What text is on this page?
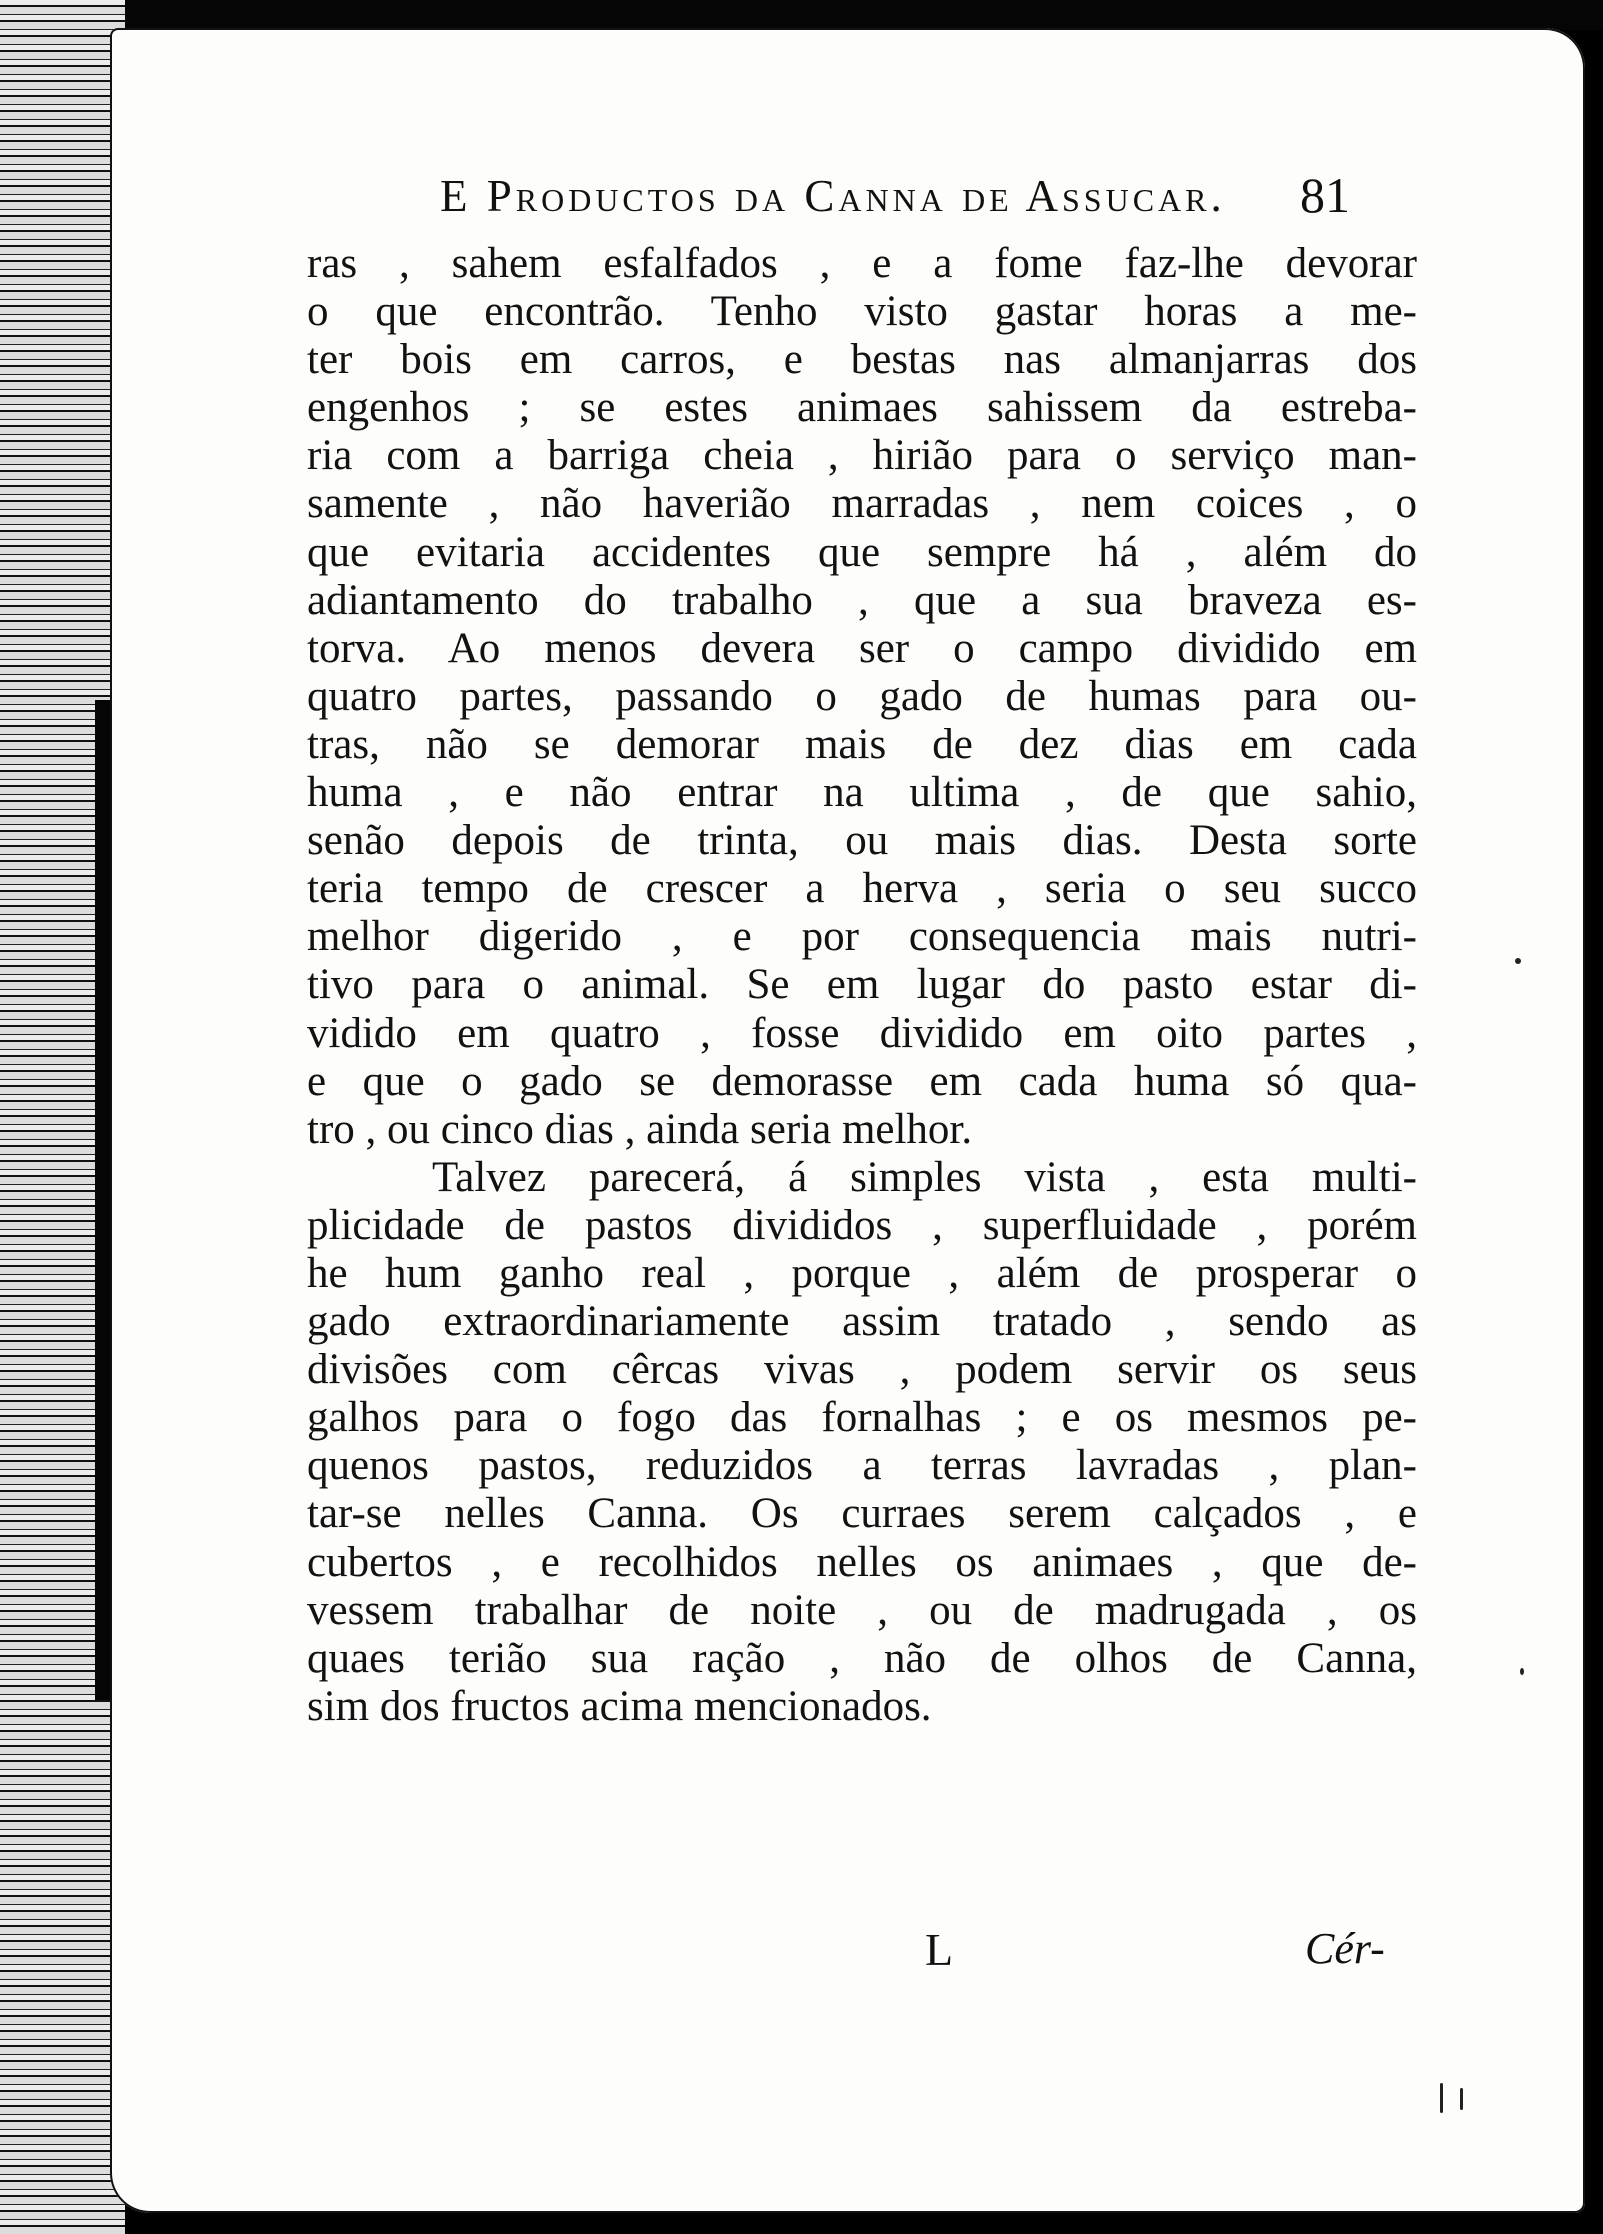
E Productos da Canna de Assucar.	81
ras , sahem esfalfados , e a fome faz-lhe devorar
o que encontrão. Tenho visto gastar horas a me-
ter bois em carros, e bestas nas almanjarras dos
engenhos ; se estes animaes sahissem da estreba-
ria com a barriga cheia , hirião para o serviço man-
samente , não haverião marradas , nem coices , o
que evitaria accidentes que sempre há , além do
adiantamento do trabalho , que a sua braveza es-
torva. Ao menos devera ser o campo dividido em
quatro partes, passando o gado de humas para ou-
tras, não se demorar mais de dez dias em cada
huma , e não entrar na ultima , de que sahio,
senão depois de trinta, ou mais dias. Desta sorte
teria tempo de crescer a herva , seria o seu succo
melhor digerido , e por consequencia mais nutri-
tivo para o animal. Se em lugar do pasto estar di-
vidido em quatro , fosse dividido em oito partes ,
e que o gado se demorasse em cada huma só qua-
tro , ou cinco dias , ainda seria melhor.
Talvez parecerá, á simples vista , esta multi-
plicidade de pastos divididos , superfluidade , porém
he hum ganho real , porque , além de prosperar o
gado extraordinariamente assim tratado , sendo as
divisões com cêrcas vivas , podem servir os seus
galhos para o fogo das fornalhas ; e os mesmos pe-
quenos pastos, reduzidos a terras lavradas , plan-
tar-se nelles Canna. Os curraes serem calçados , e
cubertos , e recolhidos nelles os animaes , que de-
vessem trabalhar de noite , ou de madrugada , os
quaes terião sua ração , não de olhos de Canna,
sim dos fructos acima mencionados.
L	Cér-
